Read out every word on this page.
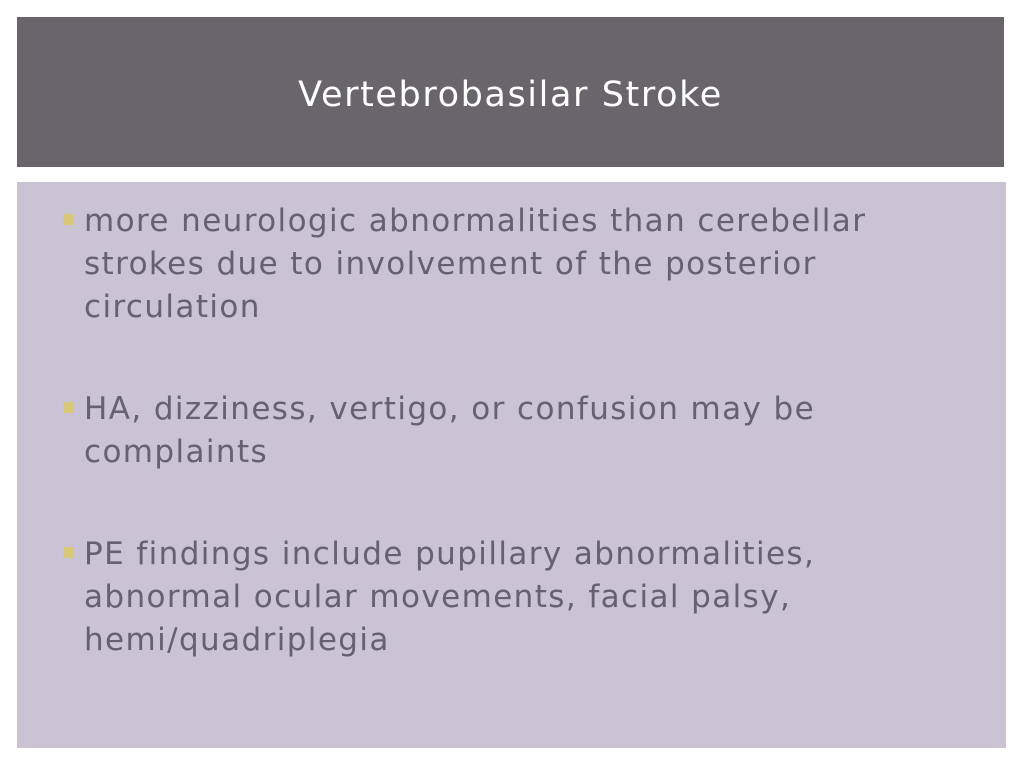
Vertebrobasilar Stroke
more neurologic abnormalities than cerebellar strokes due to involvement of the posterior circulation
HA, dizziness, vertigo, or confusion may be complaints
PE findings include pupillary abnormalities, abnormal ocular movements, facial palsy, hemi/quadriplegia
